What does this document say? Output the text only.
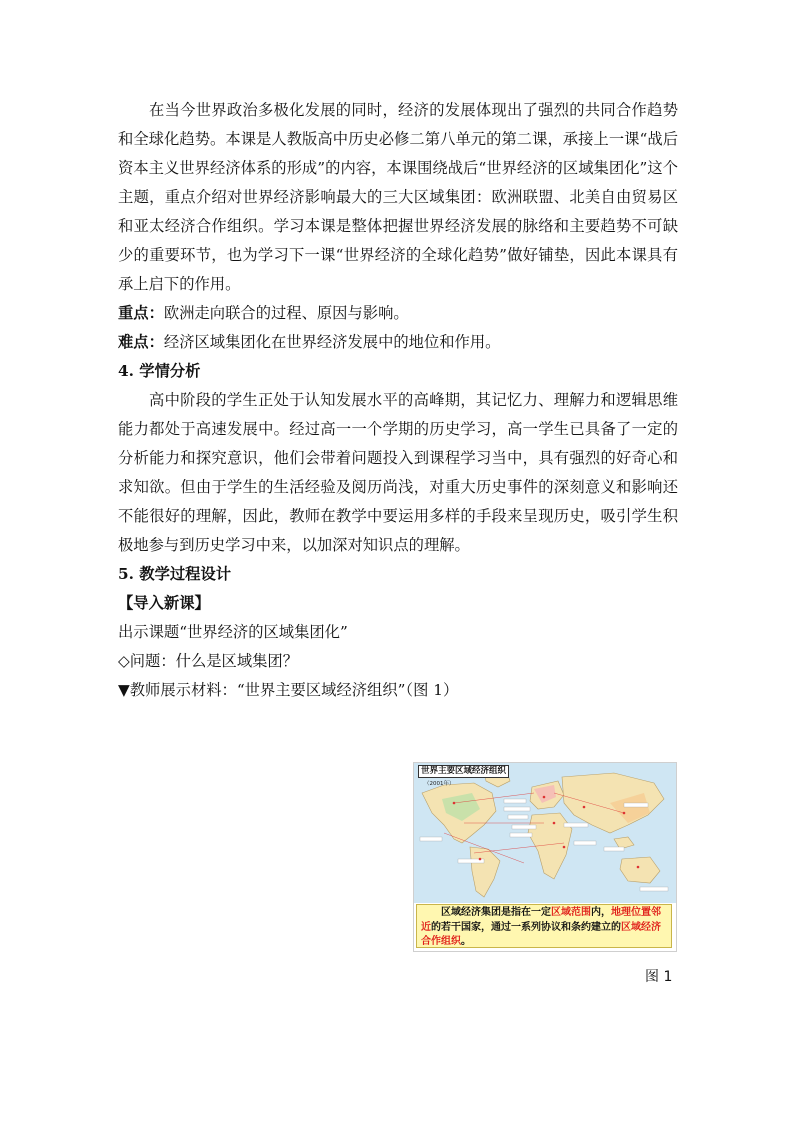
在当今世界政治多极化发展的同时，经济的发展体现出了强烈的共同合作趋势和全球化趋势。本课是人教版高中历史必修二第八单元的第二课，承接上一课“战后资本主义世界经济体系的形成”的内容，本课围绕战后“世界经济的区域集团化”这个主题，重点介绍对世界经济影响最大的三大区域集团：欧洲联盟、北美自由贸易区和亚太经济合作组织。学习本课是整体把握世界经济发展的脉络和主要趋势不可缺少的重要环节，也为学习下一课“世界经济的全球化趋势”做好铺垫，因此本课具有承上启下的作用。

重点：欧洲走向联合的过程、原因与影响。

难点：经济区域集团化在世界经济发展中的地位和作用。

4. 学情分析

高中阶段的学生正处于认知发展水平的高峰期，其记忆力、理解力和逻辑思维能力都处于高速发展中。经过高一一个学期的历史学习，高一学生已具备了一定的分析能力和探究意识，他们会带着问题投入到课程学习当中，具有强烈的好奇心和求知欲。但由于学生的生活经验及阅历尚浅，对重大历史事件的深刻意义和影响还不能很好的理解，因此，教师在教学中要运用多样的手段来呈现历史，吸引学生积极地参与到历史学习中来，以加深对知识点的理解。

5. 教学过程设计

【导入新课】

出示课题“世界经济的区域集团化”

◇问题：什么是区域集团？

▼教师展示材料：“世界主要区域经济组织”（图 1）

世界主要区域经济组织
（2001年）
区域经济集团是指在一定区域范围内，地理位置邻近的若干国家，通过一系列协议和条约建立的区域经济合作组织。
图 1
